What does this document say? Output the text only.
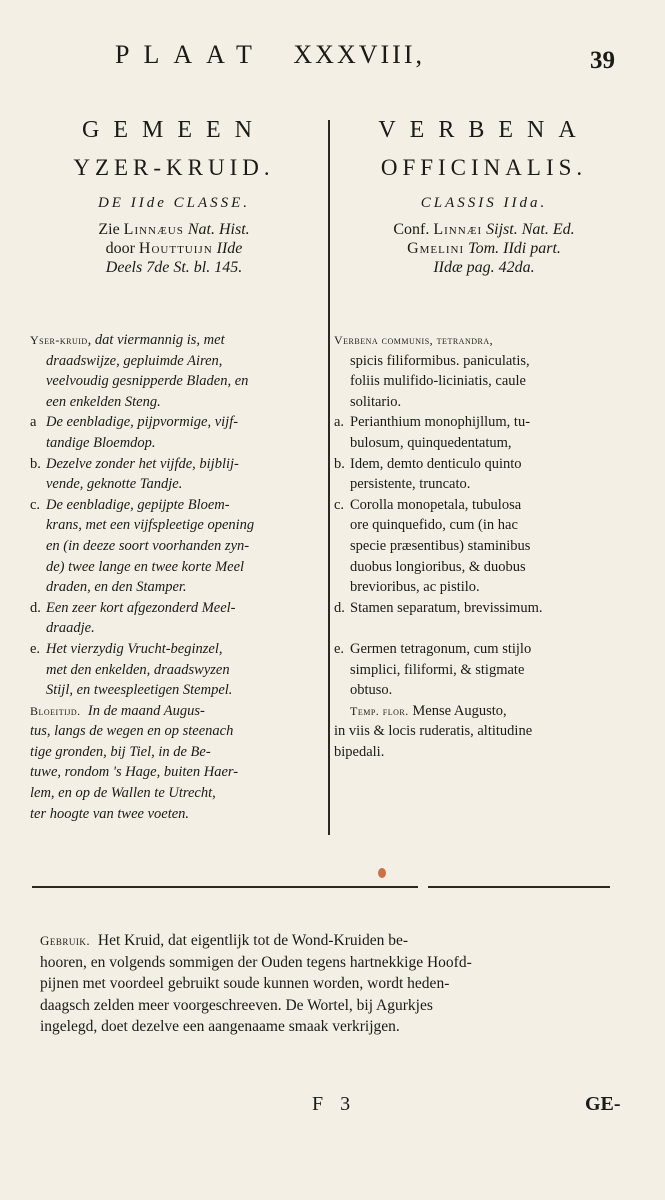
PLAAT XXXVIII,	39
GEMEEN
YZER-KRUID.
DE IIde CLASSE.
Zie Linnæus Nat. Hist.
door Houttuijn IIde
Deels 7de St. bl. 145.
Yser-kruid, dat viermannig is, met
draadswijze, gepluimde Airen,
veelvoudig gesnipperde Bladen, en
een enkelden Steng.
a De eenbladige, pijpvormige, vijf-
tandige Bloemdop.
b. Dezelve zonder het vijfde, bijblij-
vende, geknotte Tandje.
c. De eenbladige, gepijpte Bloem-
krans, met een vijfspleetige opening
en (in deeze soort voorhanden zyn-
de) twee lange en twee korte Meel
draden, en den Stamper.
d. Een zeer kort afgezonderd Meel-
draadje.
e. Het vierzydig Vrucht-beginzel,
met den enkelden, draadswyzen
Stijl, en tweespleetigen Stempel.
Bloeitijd. In de maand Augus-
tus, langs de wegen en op steenach
tige gronden, bij Tiel, in de Be-
tuwe, rondom 's Hage, buiten Haer-
lem, en op de Wallen te Utrecht,
ter hoogte van twee voeten.
VERBENA
OFFICINALIS.
CLASSIS IIda.
Conf. Linnæi Sijst. Nat. Ed.
Gmelini Tom. IIdi part.
IIdæ pag. 42da.
Verbena communis, tetrandra,
spicis filiformibus. paniculatis,
foliis mulifido-liciniatis, caule
solitario.
a. Perianthium monophijllum, tu-
bulosum, quinquedentatum,
b. Idem, demto denticulo quinto
persistente, truncato.
c. Corolla monopetala, tubulosa
ore quinquefido, cum (in hac
specie præsentibus) staminibus
duobus longioribus, & duobus
brevioribus, ac pistilo.
d. Stamen separatum, brevissimum.
e. Germen tetragonum, cum stijlo
simplici, filiformi, & stigmate
obtuso.
Temp. flor. Mense Augusto,
in viis & locis ruderatis, altitudine
bipedali.
Gebruik. Het Kruid, dat eigentlijk tot de Wond-Kruiden be-
hooren, en volgends sommigen der Ouden tegens hartnekkige Hoofd-
pijnen met voordeel gebruikt soude kunnen worden, wordt heden-
daagsch zelden meer voorgeschreeven. De Wortel, bij Agurkjes
ingelegd, doet dezelve een aangenaame smaak verkrijgen.
F 3	GE-
